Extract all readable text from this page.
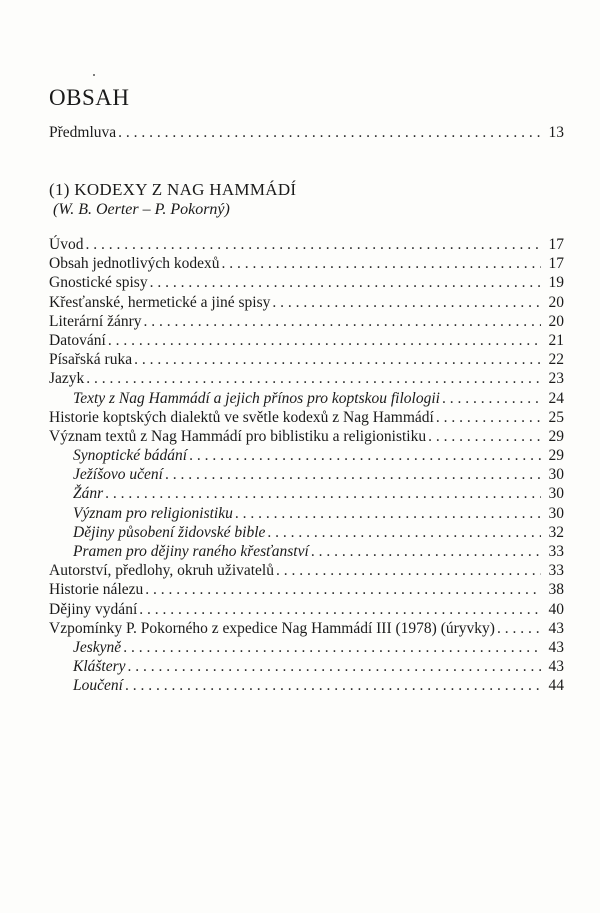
OBSAH
Předmluva . . .	13
(1) KODEXY Z NAG HAMMÁDÍ
(W. B. Oerter – P. Pokorný)
Úvod . . .	17
Obsah jednotlivých kodexů . . .	17
Gnostické spisy . . .	19
Křesťanské, hermetické a jiné spisy . . .	20
Literární žánry . . .	20
Datování . . .	21
Písařská ruka . . .	22
Jazyk . . .	23
Texty z Nag Hammádí a jejich přínos pro koptskou filologii . . .	24
Historie koptských dialektů ve světle kodexů z Nag Hammádí . . .	25
Význam textů z Nag Hammádí pro biblistiku a religionistiku . . .	29
Synoptické bádání . . .	29
Ježíšovo učení . . .	30
Žánr . . .	30
Význam pro religionistiku . . .	30
Dějiny působení židovské bible . . .	32
Pramen pro dějiny raného křesťanství . . .	33
Autorství, předlohy, okruh uživatelů . . .	33
Historie nálezu . . .	38
Dějiny vydání . . .	40
Vzpomínky P. Pokorného z expedice Nag Hammádí III (1978) (úryvky) . . .	43
Jeskyně . . .	43
Kláštery . . .	43
Loučení . . .	44
